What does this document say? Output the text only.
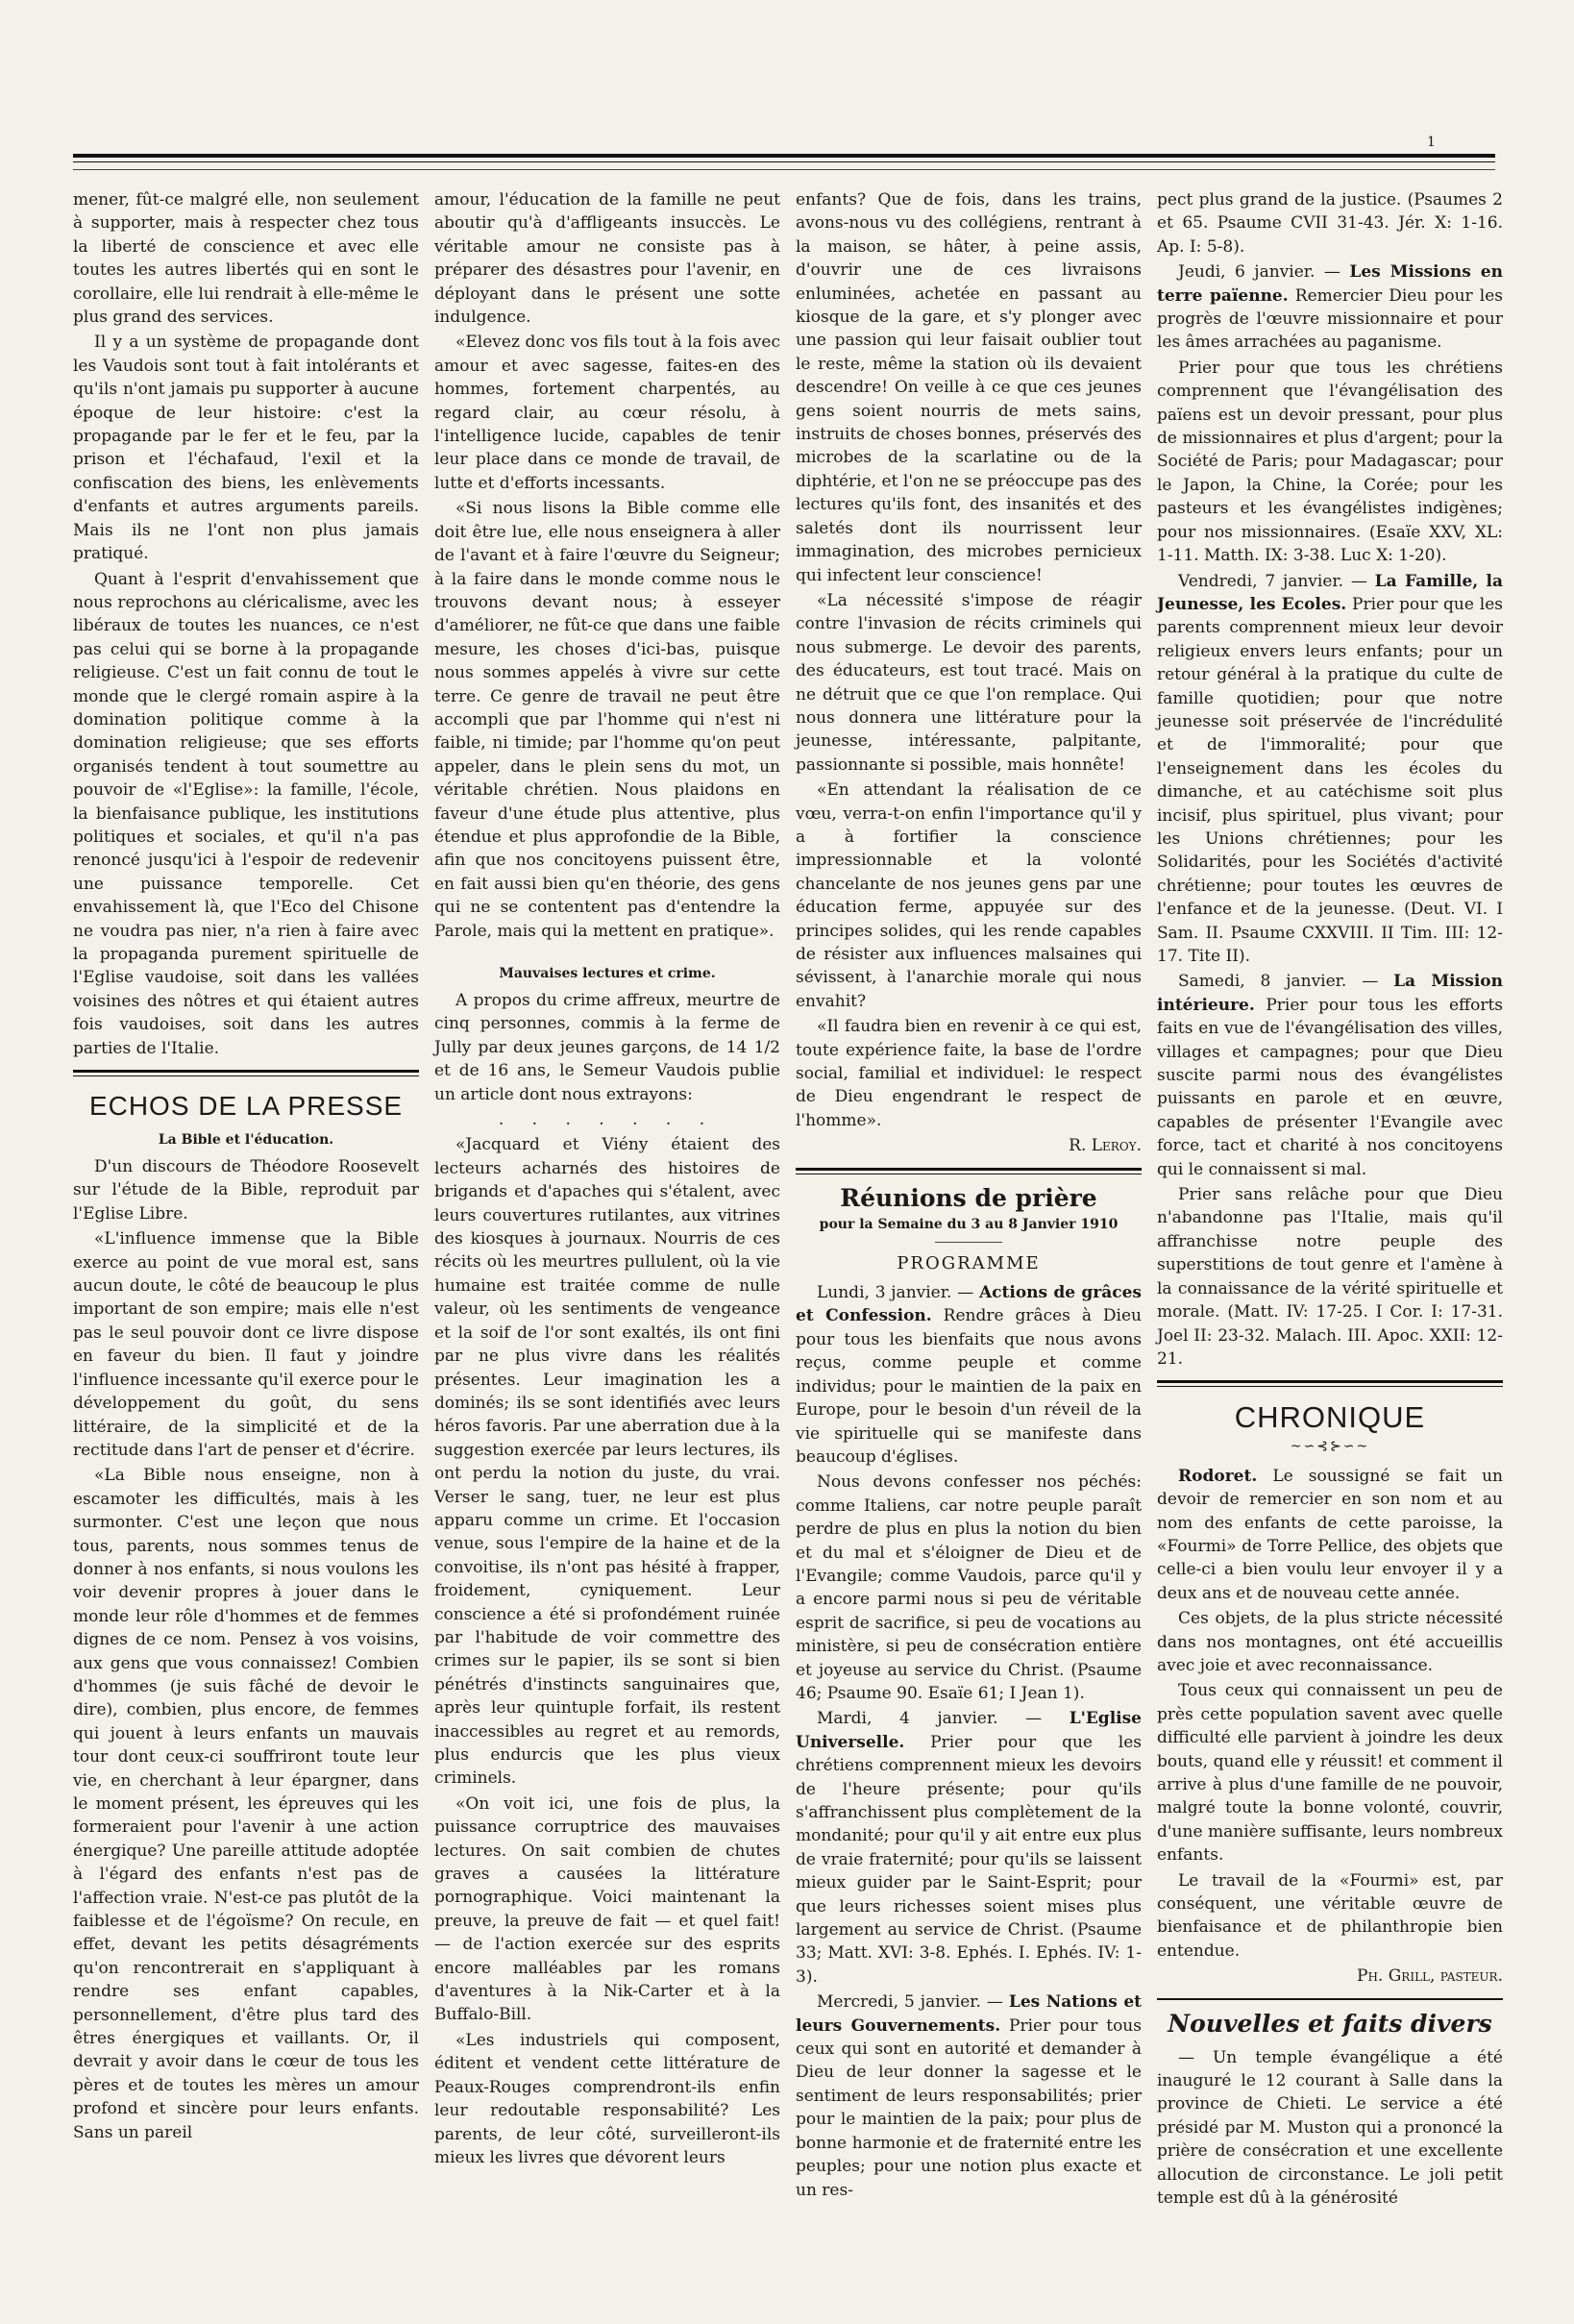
1

mener, fût-ce malgré elle, non seulement à supporter, mais à respecter chez tous la liberté de conscience et avec elle toutes les autres libertés qui en sont le corollaire, elle lui rendrait à elle-même le plus grand des services.

Il y a un système de propagande dont les Vaudois sont tout à fait intolérants et qu'ils n'ont jamais pu supporter à aucune époque de leur histoire: c'est la propagande par le fer et le feu, par la prison et l'échafaud, l'exil et la confiscation des biens, les enlèvements d'enfants et autres arguments pareils. Mais ils ne l'ont non plus jamais pratiqué.

Quant à l'esprit d'envahissement que nous reprochons au cléricalisme, avec les libéraux de toutes les nuances, ce n'est pas celui qui se borne à la propagande religieuse. C'est un fait connu de tout le monde que le clergé romain aspire à la domination politique comme à la domination religieuse; que ses efforts organisés tendent à tout soumettre au pouvoir de «l'Eglise»: la famille, l'école, la bienfaisance publique, les institutions politiques et sociales, et qu'il n'a pas renoncé jusqu'ici à l'espoir de redevenir une puissance temporelle. Cet envahissement là, que l'Eco del Chisone ne voudra pas nier, n'a rien à faire avec la propaganda purement spirituelle de l'Eglise vaudoise, soit dans les vallées voisines des nôtres et qui étaient autres fois vaudoises, soit dans les autres parties de l'Italie.

ECHOS DE LA PRESSE
La Bible et l'éducation.

D'un discours de Théodore Roosevelt sur l'étude de la Bible, reproduit par l'Eglise Libre.

«L'influence immense que la Bible exerce au point de vue moral est, sans aucun doute, le côté de beaucoup le plus important de son empire; mais elle n'est pas le seul pouvoir dont ce livre dispose en faveur du bien. Il faut y joindre l'influence incessante qu'il exerce pour le développement du goût, du sens littéraire, de la simplicité et de la rectitude dans l'art de penser et d'écrire.

«La Bible nous enseigne, non à escamoter les difficultés, mais à les surmonter. C'est une leçon que nous tous, parents, nous sommes tenus de donner à nos enfants, si nous voulons les voir devenir propres à jouer dans le monde leur rôle d'hommes et de femmes dignes de ce nom. Pensez à vos voisins, aux gens que vous connaissez! Combien d'hommes (je suis fâché de devoir le dire), combien, plus encore, de femmes qui jouent à leurs enfants un mauvais tour dont ceux-ci souffriront toute leur vie, en cherchant à leur épargner, dans le moment présent, les épreuves qui les formeraient pour l'avenir à une action énergique? Une pareille attitude adoptée à l'égard des enfants n'est pas de l'affection vraie. N'est-ce pas plutôt de la faiblesse et de l'égoïsme? On recule, en effet, devant les petits désagréments qu'on rencontrerait en s'appliquant à rendre ses enfant capables, personnellement, d'être plus tard des êtres énergiques et vaillants. Or, il devrait y avoir dans le cœur de tous les pères et de toutes les mères un amour profond et sincère pour leurs enfants. Sans un pareil

amour, l'éducation de la famille ne peut aboutir qu'à d'affligeants insuccès. Le véritable amour ne consiste pas à préparer des désastres pour l'avenir, en déployant dans le présent une sotte indulgence.

«Elevez donc vos fils tout à la fois avec amour et avec sagesse, faites-en des hommes, fortement charpentés, au regard clair, au cœur résolu, à l'intelligence lucide, capables de tenir leur place dans ce monde de travail, de lutte et d'efforts incessants.

«Si nous lisons la Bible comme elle doit être lue, elle nous enseignera à aller de l'avant et à faire l'œuvre du Seigneur; à la faire dans le monde comme nous le trouvons devant nous; à esseyer d'améliorer, ne fût-ce que dans une faible mesure, les choses d'ici-bas, puisque nous sommes appelés à vivre sur cette terre. Ce genre de travail ne peut être accompli que par l'homme qui n'est ni faible, ni timide; par l'homme qu'on peut appeler, dans le plein sens du mot, un véritable chrétien. Nous plaidons en faveur d'une étude plus attentive, plus étendue et plus approfondie de la Bible, afin que nos concitoyens puissent être, en fait aussi bien qu'en théorie, des gens qui ne se contentent pas d'entendre la Parole, mais qui la mettent en pratique».

Mauvaises lectures et crime.

A propos du crime affreux, meurtre de cinq personnes, commis à la ferme de Jully par deux jeunes garçons, de 14 1/2 et de 16 ans, le Semeur Vaudois publie un article dont nous extrayons:

. . . . . . .

«Jacquard et Viény étaient des lecteurs acharnés des histoires de brigands et d'apaches qui s'étalent, avec leurs couvertures rutilantes, aux vitrines des kiosques à journaux. Nourris de ces récits où les meurtres pullulent, où la vie humaine est traitée comme de nulle valeur, où les sentiments de vengeance et la soif de l'or sont exaltés, ils ont fini par ne plus vivre dans les réalités présentes. Leur imagination les a dominés; ils se sont identifiés avec leurs héros favoris. Par une aberration due à la suggestion exercée par leurs lectures, ils ont perdu la notion du juste, du vrai. Verser le sang, tuer, ne leur est plus apparu comme un crime. Et l'occasion venue, sous l'empire de la haine et de la convoitise, ils n'ont pas hésité à frapper, froidement, cyniquement. Leur conscience a été si profondément ruinée par l'habitude de voir commettre des crimes sur le papier, ils se sont si bien pénétrés d'instincts sanguinaires que, après leur quintuple forfait, ils restent inaccessibles au regret et au remords, plus endurcis que les plus vieux criminels.

«On voit ici, une fois de plus, la puissance corruptrice des mauvaises lectures. On sait combien de chutes graves a causées la littérature pornographique. Voici maintenant la preuve, la preuve de fait — et quel fait! — de l'action exercée sur des esprits encore malléables par les romans d'aventures à la Nik-Carter et à la Buffalo-Bill.

«Les industriels qui composent, éditent et vendent cette littérature de Peaux-Rouges comprendront-ils enfin leur redoutable responsabilité? Les parents, de leur côté, surveilleront-ils mieux les livres que dévorent leurs

enfants? Que de fois, dans les trains, avons-nous vu des collégiens, rentrant à la maison, se hâter, à peine assis, d'ouvrir une de ces livraisons enluminées, achetée en passant au kiosque de la gare, et s'y plonger avec une passion qui leur faisait oublier tout le reste, même la station où ils devaient descendre! On veille à ce que ces jeunes gens soient nourris de mets sains, instruits de choses bonnes, préservés des microbes de la scarlatine ou de la diphtérie, et l'on ne se préoccupe pas des lectures qu'ils font, des insanités et des saletés dont ils nourrissent leur immagination, des microbes pernicieux qui infectent leur conscience!

«La nécessité s'impose de réagir contre l'invasion de récits criminels qui nous submerge. Le devoir des parents, des éducateurs, est tout tracé. Mais on ne détruit que ce que l'on remplace. Qui nous donnera une littérature pour la jeunesse, intéressante, palpitante, passionnante si possible, mais honnête!

«En attendant la réalisation de ce vœu, verra-t-on enfin l'importance qu'il y a à fortifier la conscience impressionnable et la volonté chancelante de nos jeunes gens par une éducation ferme, appuyée sur des principes solides, qui les rende capables de résister aux influences malsaines qui sévissent, à l'anarchie morale qui nous envahit?

«Il faudra bien en revenir à ce qui est, toute expérience faite, la base de l'ordre social, familial et individuel: le respect de Dieu engendrant le respect de l'homme».

R. Leroy.

Réunions de prière
pour la Semaine du 3 au 8 Janvier 1910
PROGRAMME

Lundi, 3 janvier. — Actions de grâces et Confession. Rendre grâces à Dieu pour tous les bienfaits que nous avons reçus, comme peuple et comme individus; pour le maintien de la paix en Europe, pour le besoin d'un réveil de la vie spirituelle qui se manifeste dans beaucoup d'églises.

Nous devons confesser nos péchés: comme Italiens, car notre peuple paraît perdre de plus en plus la notion du bien et du mal et s'éloigner de Dieu et de l'Evangile; comme Vaudois, parce qu'il y a encore parmi nous si peu de véritable esprit de sacrifice, si peu de vocations au ministère, si peu de consécration entière et joyeuse au service du Christ. (Psaume 46; Psaume 90. Esaïe 61; I Jean 1).

Mardi, 4 janvier. — L'Eglise Universelle. Prier pour que les chrétiens comprennent mieux les devoirs de l'heure présente; pour qu'ils s'affranchissent plus complètement de la mondanité; pour qu'il y ait entre eux plus de vraie fraternité; pour qu'ils se laissent mieux guider par le Saint-Esprit; pour que leurs richesses soient mises plus largement au service de Christ. (Psaume 33; Matt. XVI: 3-8. Ephés. I. Ephés. IV: 1-3).

Mercredi, 5 janvier. — Les Nations et leurs Gouvernements. Prier pour tous ceux qui sont en autorité et demander à Dieu de leur donner la sagesse et le sentiment de leurs responsabilités; prier pour le maintien de la paix; pour plus de bonne harmonie et de fraternité entre les peuples; pour une notion plus exacte et un res-

pect plus grand de la justice. (Psaumes 2 et 65. Psaume CVII 31-43. Jér. X: 1-16. Ap. I: 5-8).

Jeudi, 6 janvier. — Les Missions en terre païenne. Remercier Dieu pour les progrès de l'œuvre missionnaire et pour les âmes arrachées au paganisme.

Prier pour que tous les chrétiens comprennent que l'évangélisation des païens est un devoir pressant, pour plus de missionnaires et plus d'argent; pour la Société de Paris; pour Madagascar; pour le Japon, la Chine, la Corée; pour les pasteurs et les évangélistes indigènes; pour nos missionnaires. (Esaïe XXV, XL: 1-11. Matth. IX: 3-38. Luc X: 1-20).

Vendredi, 7 janvier. — La Famille, la Jeunesse, les Ecoles. Prier pour que les parents comprennent mieux leur devoir religieux envers leurs enfants; pour un retour général à la pratique du culte de famille quotidien; pour que notre jeunesse soit préservée de l'incrédulité et de l'immoralité; pour que l'enseignement dans les écoles du dimanche, et au catéchisme soit plus incisif, plus spirituel, plus vivant; pour les Unions chrétiennes; pour les Solidarités, pour les Sociétés d'activité chrétienne; pour toutes les œuvres de l'enfance et de la jeunesse. (Deut. VI. I Sam. II. Psaume CXXVIII. II Tim. III: 12-17. Tite II).

Samedi, 8 janvier. — La Mission intérieure. Prier pour tous les efforts faits en vue de l'évangélisation des villes, villages et campagnes; pour que Dieu suscite parmi nous des évangélistes puissants en parole et en œuvre, capables de présenter l'Evangile avec force, tact et charité à nos concitoyens qui le connaissent si mal.

Prier sans relâche pour que Dieu n'abandonne pas l'Italie, mais qu'il affranchisse notre peuple des superstitions de tout genre et l'amène à la connaissance de la vérité spirituelle et morale. (Matt. IV: 17-25. I Cor. I: 17-31. Joel II: 23-32. Malach. III. Apoc. XXII: 12-21.

CHRONIQUE
~∽⊰⊱∽~

Rodoret. Le soussigné se fait un devoir de remercier en son nom et au nom des enfants de cette paroisse, la «Fourmi» de Torre Pellice, des objets que celle-ci a bien voulu leur envoyer il y a deux ans et de nouveau cette année.

Ces objets, de la plus stricte nécessité dans nos montagnes, ont été accueillis avec joie et avec reconnaissance.

Tous ceux qui connaissent un peu de près cette population savent avec quelle difficulté elle parvient à joindre les deux bouts, quand elle y réussit! et comment il arrive à plus d'une famille de ne pouvoir, malgré toute la bonne volonté, couvrir, d'une manière suffisante, leurs nombreux enfants.

Le travail de la «Fourmi» est, par conséquent, une véritable œuvre de bienfaisance et de philanthropie bien entendue.

Ph. Grill, pasteur.

Nouvelles et faits divers

— Un temple évangélique a été inauguré le 12 courant à Salle dans la province de Chieti. Le service a été présidé par M. Muston qui a prononcé la prière de consécration et une excellente allocution de circonstance. Le joli petit temple est dû à la générosité
